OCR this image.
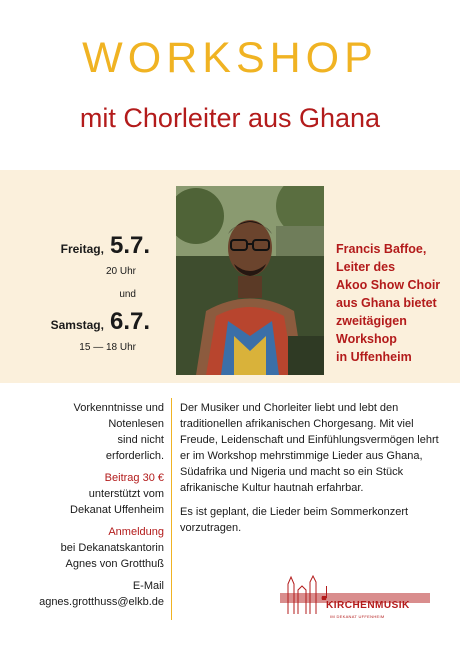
WORKSHOP
mit Chorleiter aus Ghana
Freitag, 5.7.
20 Uhr
und
Samstag, 6.7.
15 — 18 Uhr
Francis Baffoe,
Leiter des
Akoo Show Choir
aus Ghana bietet
zweitägigen
Workshop
in Uffenheim
Vorkenntnisse und
Notenlesen
sind nicht
erforderlich.
Beitrag 30 €
unterstützt vom
Dekanat Uffenheim
Anmeldung
bei Dekanatskantorin
Agnes von Grotthuß
E-Mail
agnes.grotthuss@elkb.de

Der Musiker und Chorleiter liebt und lebt den traditionellen afrikanischen Chorgesang. Mit viel Freude, Leidenschaft und Einfühlungsvermögen lehrt er im Workshop mehrstimmige Lieder aus Ghana, Südafrika und Nigeria und macht so ein Stück afrikanische Kultur hautnah erfahrbar.

Es ist geplant, die Lieder beim Sommerkonzert vorzutragen.

KIRCHENMUSIK
IM DEKANAT UFFENHEIM
